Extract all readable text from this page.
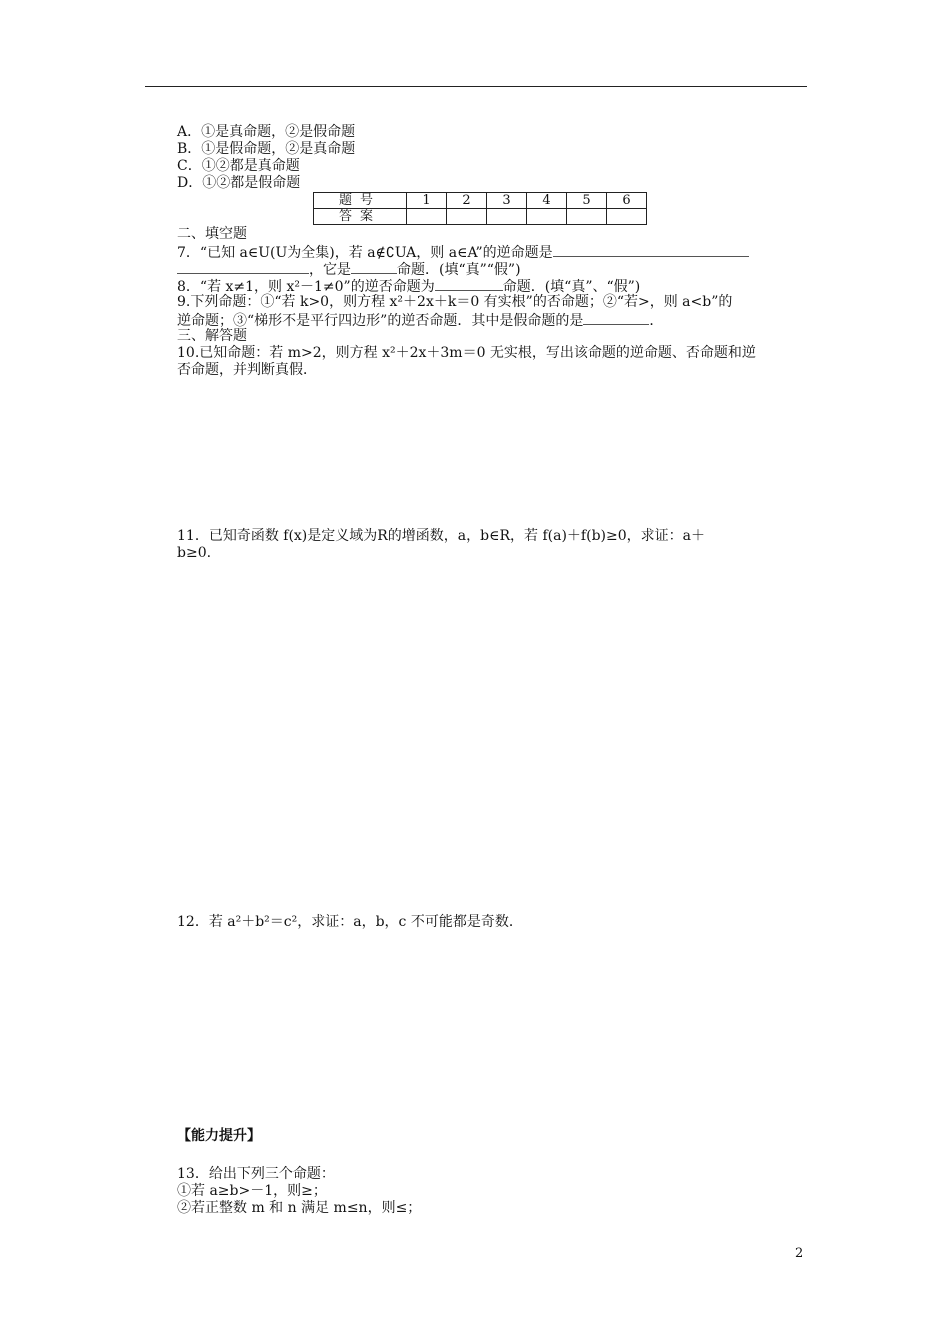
A．①是真命题，②是假命题
B．①是假命题，②是真命题
C．①②都是真命题
D．①②都是假命题
题号	1	2	3	4	5	6
答案						
二、填空题
7．“已知 a∈U(U为全集)，若 a∉∁UA，则 a∈A”的逆命题是
，它是	命题．(填“真”“假”)
8．“若 x≠1，则 x²－1≠0”的逆否命题为	命题．(填“真”、“假”)
9.下列命题：①“若 k>0，则方程 x²＋2x＋k＝0 有实根”的否命题；②“若>，则 a<b”的
逆命题；③“梯形不是平行四边形”的逆否命题．其中是假命题的是	．
三、解答题
10.已知命题：若 m>2，则方程 x²＋2x＋3m＝0 无实根，写出该命题的逆命题、否命题和逆
否命题，并判断真假．
11．已知奇函数 f(x)是定义域为R的增函数，a，b∈R，若 f(a)＋f(b)≥0，求证：a＋
b≥0.
12．若 a²＋b²＝c²，求证：a，b，c 不可能都是奇数．
【能力提升】
13．给出下列三个命题：
①若 a≥b>－1，则≥；
②若正整数 m 和 n 满足 m≤n，则≤；
2
